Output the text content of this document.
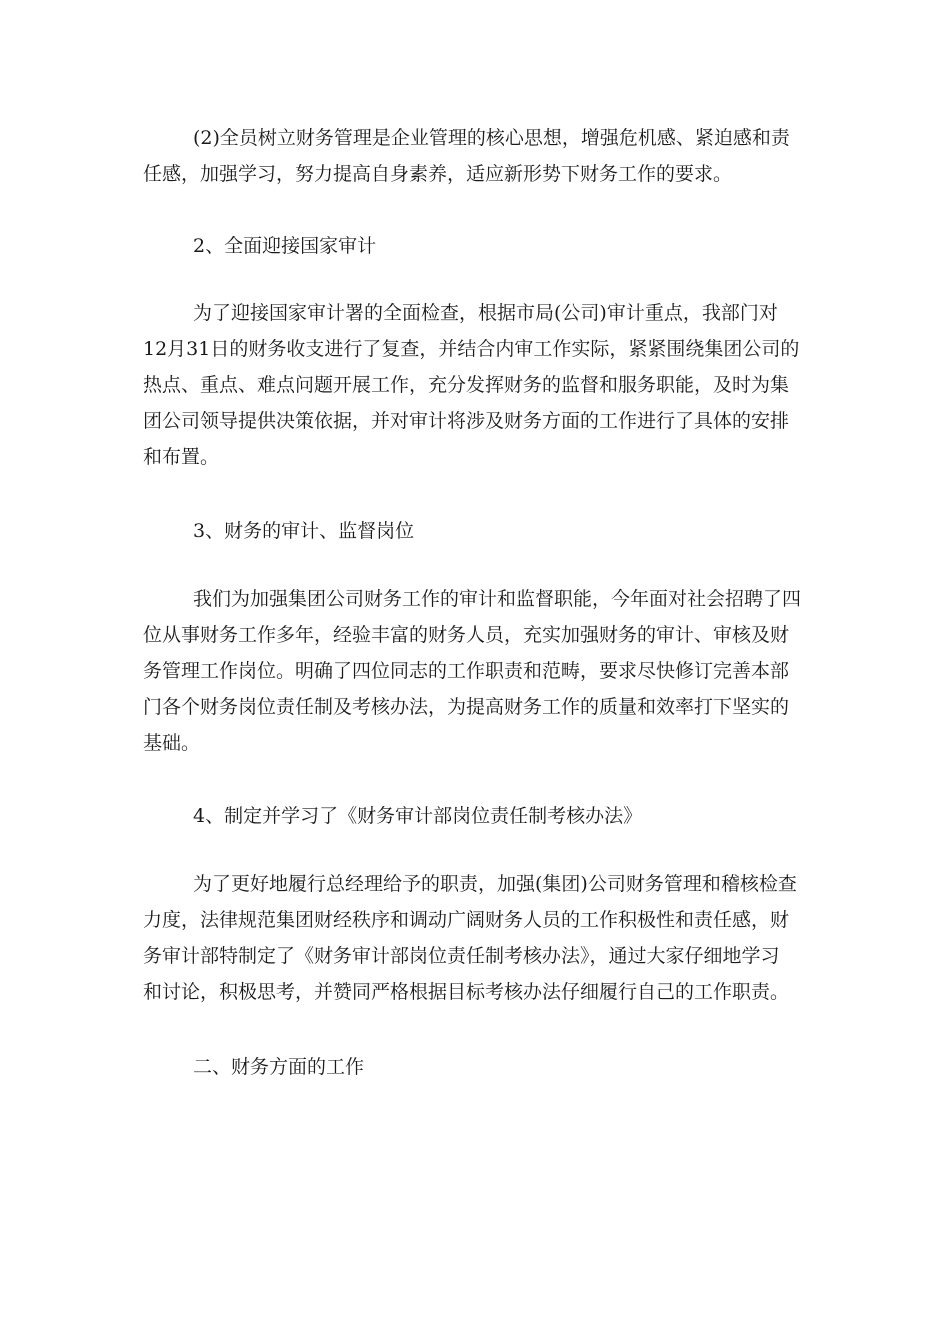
(2)全员树立财务管理是企业管理的核心思想，增强危机感、紧迫感和责
任感，加强学习，努力提高自身素养，适应新形势下财务工作的要求。

2、全面迎接国家审计

为了迎接国家审计署的全面检查，根据市局(公司)审计重点，我部门对
12月31日的财务收支进行了复查，并结合内审工作实际，紧紧围绕集团公司的
热点、重点、难点问题开展工作，充分发挥财务的监督和服务职能，及时为集
团公司领导提供决策依据，并对审计将涉及财务方面的工作进行了具体的安排
和布置。

3、财务的审计、监督岗位

我们为加强集团公司财务工作的审计和监督职能，今年面对社会招聘了四
位从事财务工作多年，经验丰富的财务人员，充实加强财务的审计、审核及财
务管理工作岗位。明确了四位同志的工作职责和范畴，要求尽快修订完善本部
门各个财务岗位责任制及考核办法，为提高财务工作的质量和效率打下坚实的
基础。

4、制定并学习了《财务审计部岗位责任制考核办法》

为了更好地履行总经理给予的职责，加强(集团)公司财务管理和稽核检查
力度，法律规范集团财经秩序和调动广阔财务人员的工作积极性和责任感，财
务审计部特制定了《财务审计部岗位责任制考核办法》，通过大家仔细地学习
和讨论，积极思考，并赞同严格根据目标考核办法仔细履行自己的工作职责。

二、财务方面的工作
